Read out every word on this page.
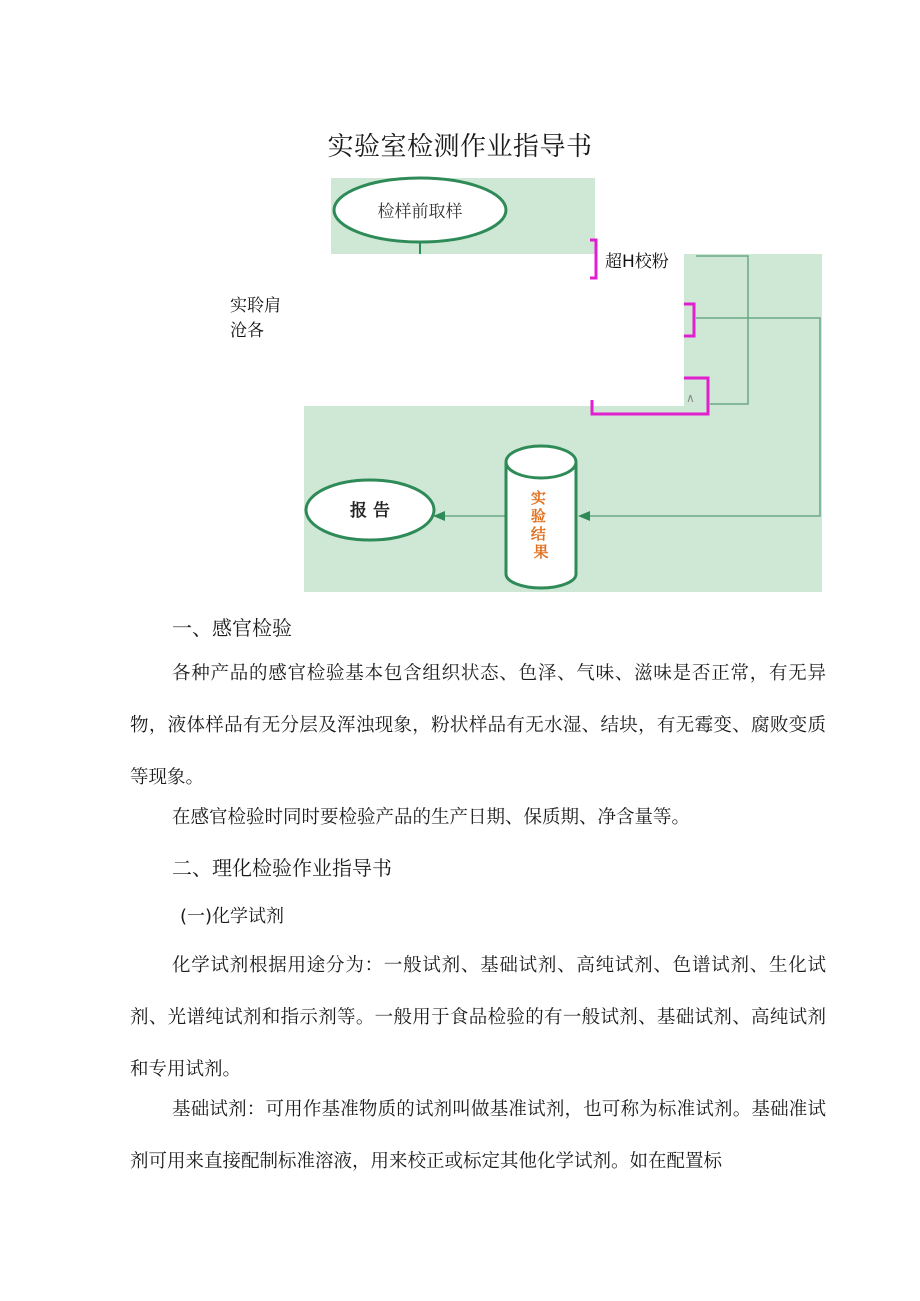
实验室检测作业指导书
检样前取样
报 告
实 验 结 果
∧
实聆肩
沧各
超H校粉
一、感官检验

各种产品的感官检验基本包含组织状态、色泽、气味、滋味是否正常，有无异物，液体样品有无分层及浑浊现象，粉状样品有无水湿、结块，有无霉变、腐败变质等现象。

在感官检验时同时要检验产品的生产日期、保质期、净含量等。

二、理化检验作业指导书
(一)化学试剂

化学试剂根据用途分为：一般试剂、基础试剂、高纯试剂、色谱试剂、生化试剂、光谱纯试剂和指示剂等。一般用于食品检验的有一般试剂、基础试剂、高纯试剂和专用试剂。

基础试剂：可用作基准物质的试剂叫做基准试剂，也可称为标准试剂。基础准试剂可用来直接配制标准溶液，用来校正或标定其他化学试剂。如在配置标
